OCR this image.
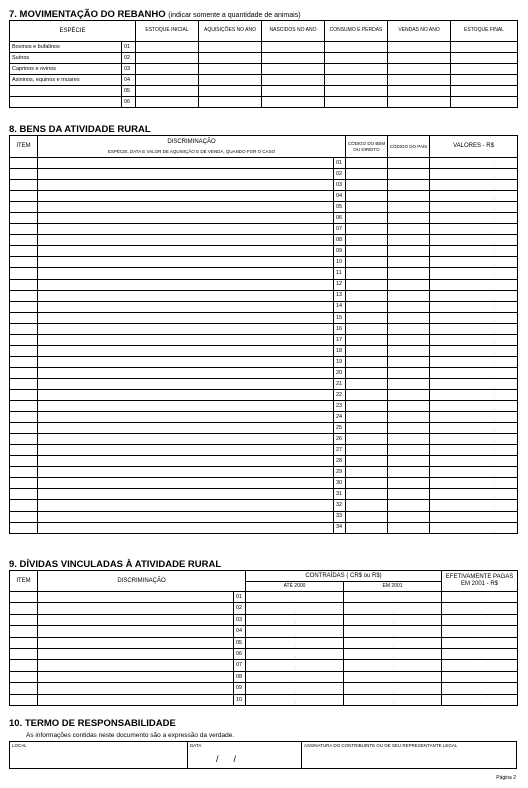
7. MOVIMENTAÇÃO DO REBANHO (indicar somente a quantidade de animais)
ESPÉCIE		ESTOQUE INICIAL	AQUISIÇÕES NO ANO	NASCIDOS NO ANO	CONSUMO E PERDAS	VENDAS NO ANO	ESTOQUE FINAL
Bovinos e bufalinos	01						
Suínos	02						
Caprinos e ovinos	03						
Asininos, equinos e muares	04						
	05						
	06						
8. BENS DA ATIVIDADE RURAL
ITEM	DISCRIMINAÇÃO
ESPÉCIE, DATA E VALOR DE AQUISIÇÃO E DE VENDA, QUANDO FOR O CASO		CÓDIGO DO BEM OU DIREITO	CÓDIGO DO PAÍS	VALORES - R$
		01			,

		02			,

		03			,

		04			,

		05			,

		06			,

		07			,

		08			,

		09			,

		10			,

		11			,

		12			,

		13			,

		14			,

		15			,

		16			,

		17			,

		18			,

		19			,

		20			,

		21			,

		22			,

		23			,

		24			,

		25			,

		26			,

		27			,

		28			,

		29			,

		30			,

		31			,

		32			,

		33			,

		34			,
9. DÍVIDAS VINCULADAS À ATIVIDADE RURAL
ITEM	DISCRIMINAÇÃO		CONTRAÍDAS ( CR$ ou R$)		EFETIVAMENTE PAGAS EM 2001 - R$
			ATÉ 2000	EM 2001	
		01	,	,	,

		02	,	,	,

		03	,	,	,

		04	,	,	,

		05	,	,	,

		06	,	,	,

		07	,	,	,

		08	,	,	,

		09	,	,	,

		10	,	,	,
10. TERMO DE RESPONSABILIDADE
As informações contidas neste documento são a expressão da verdade.
LOCAL	DATA
/      /
ASSINATURA DO CONTRIBUINTE OU DE SEU REPRESENTANTE LEGAL
Página 2
